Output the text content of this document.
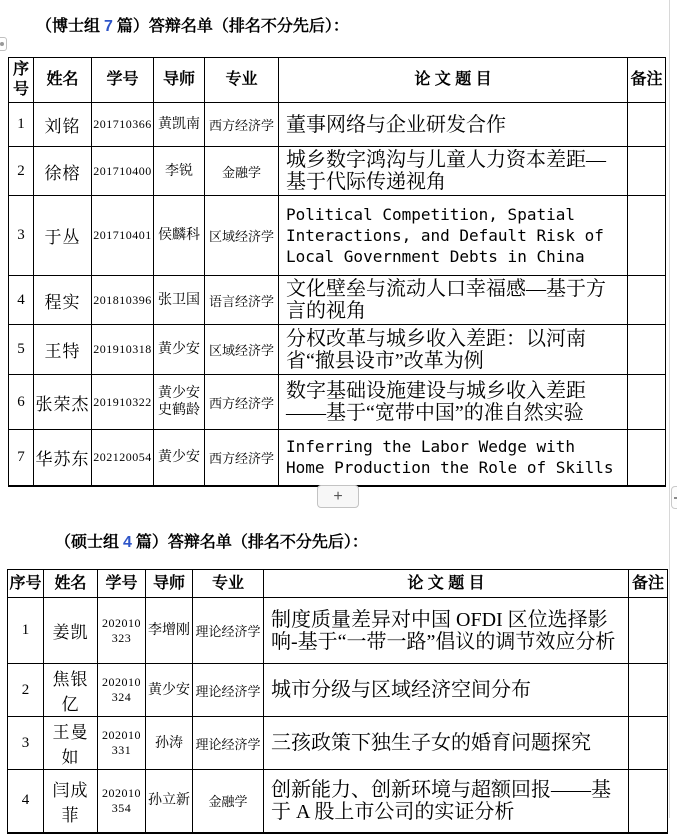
（博士组 7 篇）答辩名单（排名不分先后）：
序号	姓名	学号	导师	专业	论 文 题 目	备注
1	刘铭	201710366	黄凯南	西方经济学	董事网络与企业研发合作	
2	徐榕	201710400	李锐	金融学	城乡数字鸿沟与儿童人力资本差距—基于代际传递视角	
3	于丛	201710401	侯麟科	区域经济学	Political Competition, Spatial Interactions, and Default Risk of Local Government Debts in China	
4	程实	201810396	张卫国	语言经济学	文化壁垒与流动人口幸福感—基于方言的视角	
5	王特	201910318	黄少安	区域经济学	分权改革与城乡收入差距：以河南省“撤县设市”改革为例	
6	张荣杰	201910322	黄少安 史鹤龄	西方经济学	数字基础设施建设与城乡收入差距——基于“宽带中国”的准自然实验	
7	华苏东	202120054	黄少安	西方经济学	Inferring the Labor Wedge with Home Production the Role of Skills	
+
（硕士组 4 篇）答辩名单（排名不分先后）：
序号	姓名	学号	导师	专业	论 文 题 目	备注
1	姜凯	202010323	李增刚	理论经济学	制度质量差异对中国 OFDI 区位选择影响-基于“一带一路”倡议的调节效应分析	
2	焦银亿	202010324	黄少安	理论经济学	城市分级与区域经济空间分布	
3	王曼如	202010331	孙涛	理论经济学	三孩政策下独生子女的婚育问题探究	
4	闫成菲	202010354	孙立新	金融学	创新能力、创新环境与超额回报——基于 A 股上市公司的实证分析	
